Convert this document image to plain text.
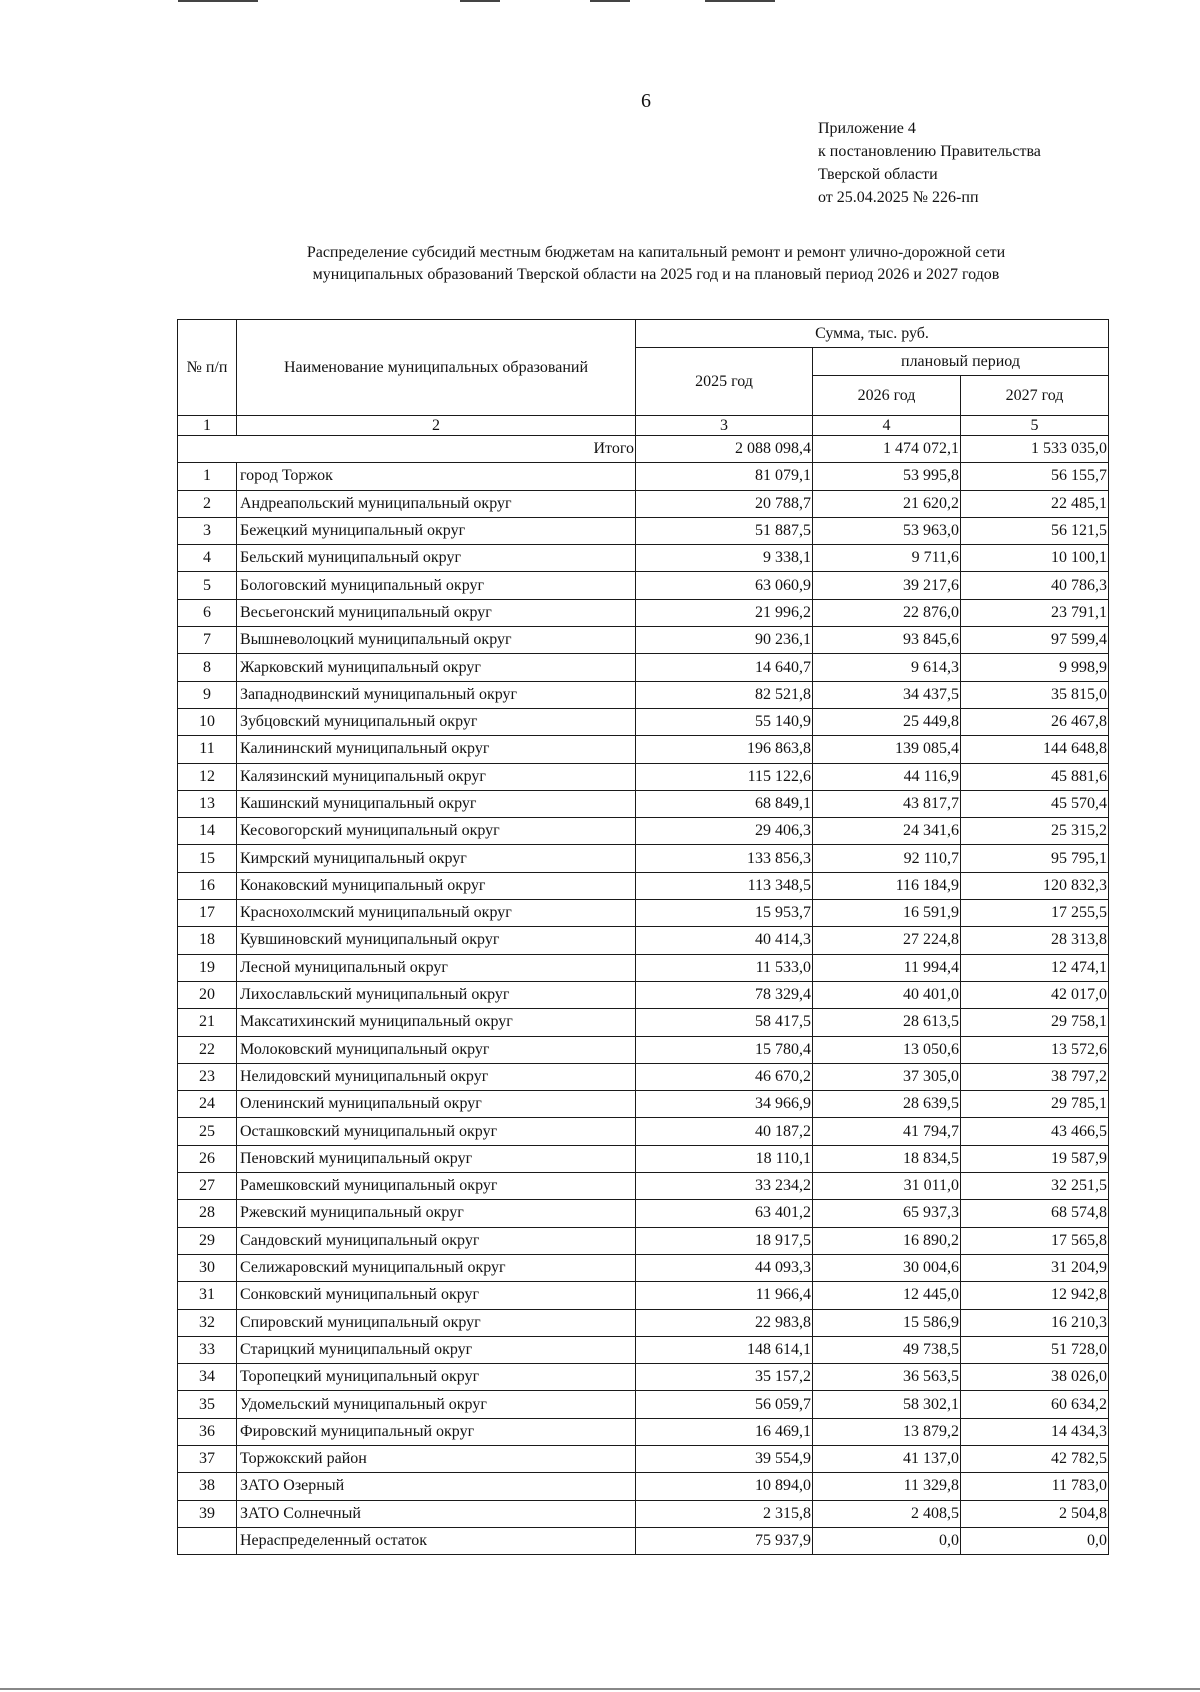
6
Приложение 4
к постановлению Правительства
Тверской области
от 25.04.2025 № 226-пп
Распределение субсидий местным бюджетам на капитальный ремонт и ремонт улично-дорожной сети
муниципальных образований Тверской области на 2025 год и на плановый период 2026 и 2027 годов
№ п/п	Наименование муниципальных образований	Сумма, тыс. руб.		
		2025 год	плановый период	
			2026 год	2027 год
1	2	3	4	5
Итого		2 088 098,4	1 474 072,1	1 533 035,0
1	город Торжок	81 079,1	53 995,8	56 155,7
2	Андреапольский муниципальный округ	20 788,7	21 620,2	22 485,1
3	Бежецкий муниципальный округ	51 887,5	53 963,0	56 121,5
4	Бельский муниципальный округ	9 338,1	9 711,6	10 100,1
5	Бологовский муниципальный округ	63 060,9	39 217,6	40 786,3
6	Весьегонский муниципальный округ	21 996,2	22 876,0	23 791,1
7	Вышневолоцкий муниципальный округ	90 236,1	93 845,6	97 599,4
8	Жарковский муниципальный округ	14 640,7	9 614,3	9 998,9
9	Западнодвинский муниципальный округ	82 521,8	34 437,5	35 815,0
10	Зубцовский муниципальный округ	55 140,9	25 449,8	26 467,8
11	Калининский муниципальный округ	196 863,8	139 085,4	144 648,8
12	Калязинский муниципальный округ	115 122,6	44 116,9	45 881,6
13	Кашинский муниципальный округ	68 849,1	43 817,7	45 570,4
14	Кесовогорский муниципальный округ	29 406,3	24 341,6	25 315,2
15	Кимрский муниципальный округ	133 856,3	92 110,7	95 795,1
16	Конаковский муниципальный округ	113 348,5	116 184,9	120 832,3
17	Краснохолмский муниципальный округ	15 953,7	16 591,9	17 255,5
18	Кувшиновский муниципальный округ	40 414,3	27 224,8	28 313,8
19	Лесной муниципальный округ	11 533,0	11 994,4	12 474,1
20	Лихославльский муниципальный округ	78 329,4	40 401,0	42 017,0
21	Максатихинский муниципальный округ	58 417,5	28 613,5	29 758,1
22	Молоковский муниципальный округ	15 780,4	13 050,6	13 572,6
23	Нелидовский муниципальный округ	46 670,2	37 305,0	38 797,2
24	Оленинский муниципальный округ	34 966,9	28 639,5	29 785,1
25	Осташковский муниципальный округ	40 187,2	41 794,7	43 466,5
26	Пеновский муниципальный округ	18 110,1	18 834,5	19 587,9
27	Рамешковский муниципальный округ	33 234,2	31 011,0	32 251,5
28	Ржевский муниципальный округ	63 401,2	65 937,3	68 574,8
29	Сандовский муниципальный округ	18 917,5	16 890,2	17 565,8
30	Селижаровский муниципальный округ	44 093,3	30 004,6	31 204,9
31	Сонковский муниципальный округ	11 966,4	12 445,0	12 942,8
32	Спировский муниципальный округ	22 983,8	15 586,9	16 210,3
33	Старицкий муниципальный округ	148 614,1	49 738,5	51 728,0
34	Торопецкий муниципальный округ	35 157,2	36 563,5	38 026,0
35	Удомельский муниципальный округ	56 059,7	58 302,1	60 634,2
36	Фировский муниципальный округ	16 469,1	13 879,2	14 434,3
37	Торжокский район	39 554,9	41 137,0	42 782,5
38	ЗАТО Озерный	10 894,0	11 329,8	11 783,0
39	ЗАТО Солнечный	2 315,8	2 408,5	2 504,8
	Нераспределенный остаток	75 937,9	0,0	0,0
